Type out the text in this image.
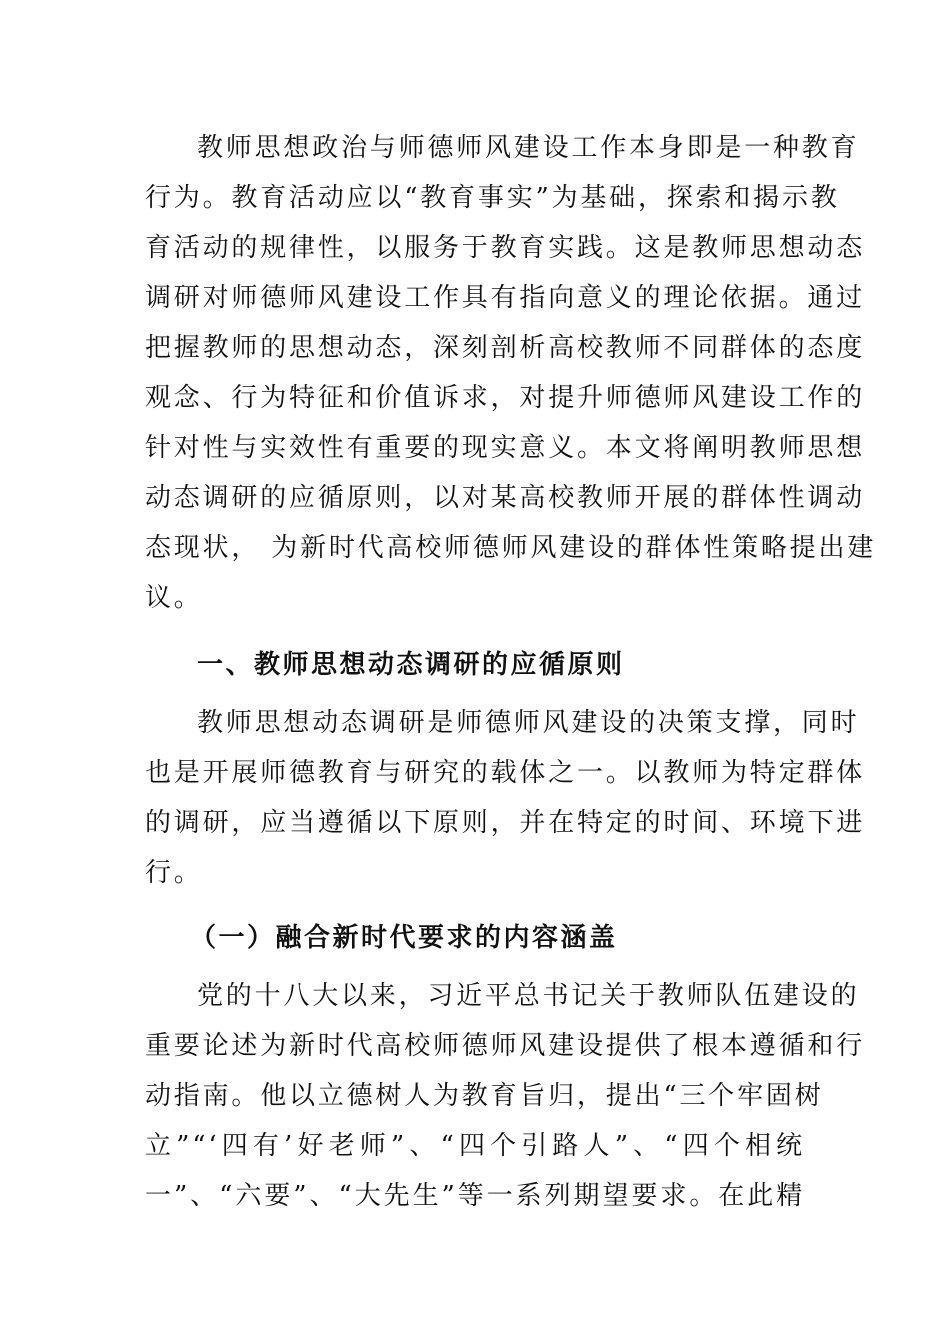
教师思想政治与师德师风建设工作本身即是一种教育
行为。教育活动应以“教育事实”为基础，探索和揭示教
育活动的规律性，以服务于教育实践。这是教师思想动态
调研对师德师风建设工作具有指向意义的理论依据。通过
把握教师的思想动态，深刻剖析高校教师不同群体的态度
观念、行为特征和价值诉求，对提升师德师风建设工作的
针对性与实效性有重要的现实意义。本文将阐明教师思想
动态调研的应循原则，以对某高校教师开展的群体性调动
态现状， 为新时代高校师德师风建设的群体性策略提出建
议。
一、教师思想动态调研的应循原则
教师思想动态调研是师德师风建设的决策支撑，同时
也是开展师德教育与研究的载体之一。以教师为特定群体
的调研，应当遵循以下原则，并在特定的时间、环境下进
行。
（一）融合新时代要求的内容涵盖
党的十八大以来，习近平总书记关于教师队伍建设的
重要论述为新时代高校师德师风建设提供了根本遵循和行
动指南。他以立德树人为教育旨归，提出“三个牢固树
立”“‘四有’好老师”、“四个引路人”、“四个相统
一”、“六要”、“大先生”等一系列期望要求。在此精
